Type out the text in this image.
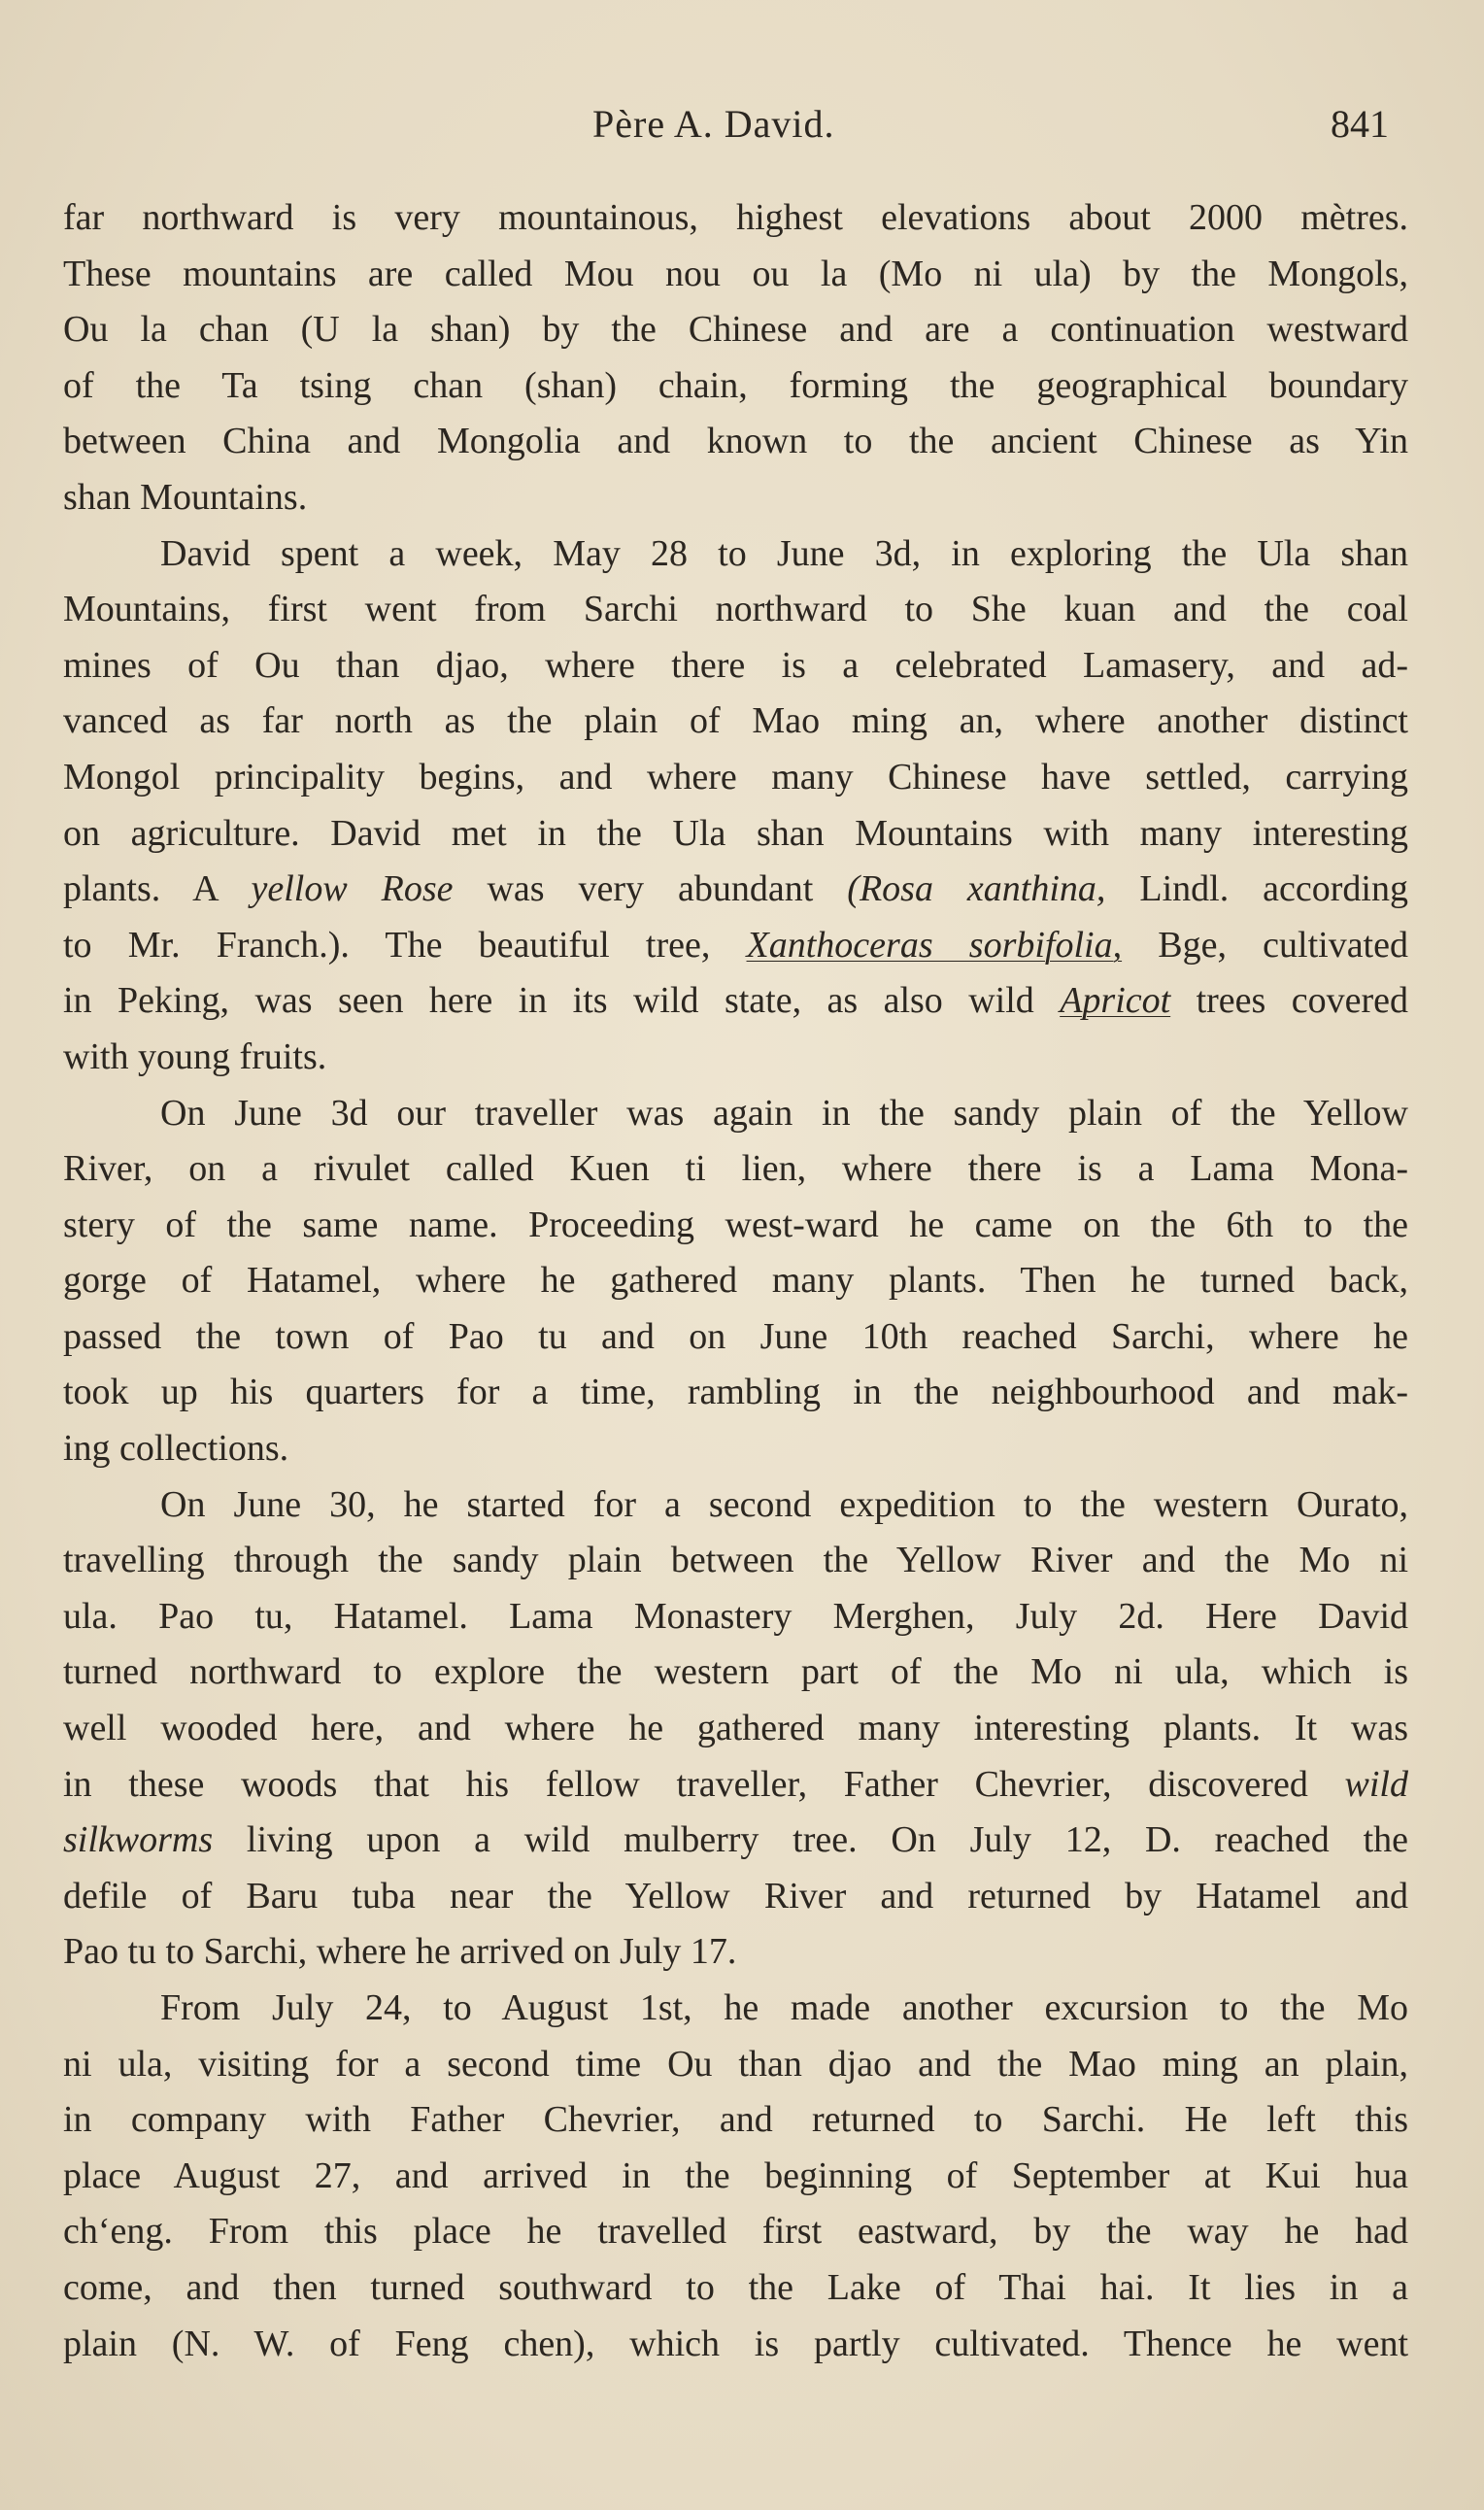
Père A. David.	841
far northward is very mountainous, highest elevations about 2000 mètres.
These mountains are called Mou nou ou la (Mo ni ula) by the Mongols,
Ou la chan (U la shan) by the Chinese and are a continuation westward
of the Ta tsing chan (shan) chain, forming the geographical boundary
between China and Mongolia and known to the ancient Chinese as Yin
shan Mountains.
David spent a week, May 28 to June 3d, in exploring the Ula shan
Mountains, first went from Sarchi northward to She kuan and the coal
mines of Ou than djao, where there is a celebrated Lamasery, and ad-
vanced as far north as the plain of Mao ming an, where another distinct
Mongol principality begins, and where many Chinese have settled, carrying
on agriculture. David met in the Ula shan Mountains with many interesting
plants. A yellow Rose was very abundant (Rosa xanthina, Lindl. according
to Mr. Franch.). The beautiful tree, Xanthoceras sorbifolia, Bge, cultivated
in Peking, was seen here in its wild state, as also wild Apricot trees covered
with young fruits.
On June 3d our traveller was again in the sandy plain of the Yellow
River, on a rivulet called Kuen ti lien, where there is a Lama Mona-
stery of the same name. Proceeding west-ward he came on the 6th to the
gorge of Hatamel, where he gathered many plants. Then he turned back,
passed the town of Pao tu and on June 10th reached Sarchi, where he
took up his quarters for a time, rambling in the neighbourhood and mak-
ing collections.
On June 30, he started for a second expedition to the western Ourato,
travelling through the sandy plain between the Yellow River and the Mo ni
ula. Pao tu, Hatamel. Lama Monastery Merghen, July 2d. Here David
turned northward to explore the western part of the Mo ni ula, which is
well wooded here, and where he gathered many interesting plants. It was
in these woods that his fellow traveller, Father Chevrier, discovered wild
silkworms living upon a wild mulberry tree. On July 12, D. reached the
defile of Baru tuba near the Yellow River and returned by Hatamel and
Pao tu to Sarchi, where he arrived on July 17.
From July 24, to August 1st, he made another excursion to the Mo
ni ula, visiting for a second time Ou than djao and the Mao ming an plain,
in company with Father Chevrier, and returned to Sarchi. He left this
place August 27, and arrived in the beginning of September at Kui hua
ch‘eng. From this place he travelled first eastward, by the way he had
come, and then turned southward to the Lake of Thai hai. It lies in a
plain (N. W. of Feng chen), which is partly cultivated. Thence he went
